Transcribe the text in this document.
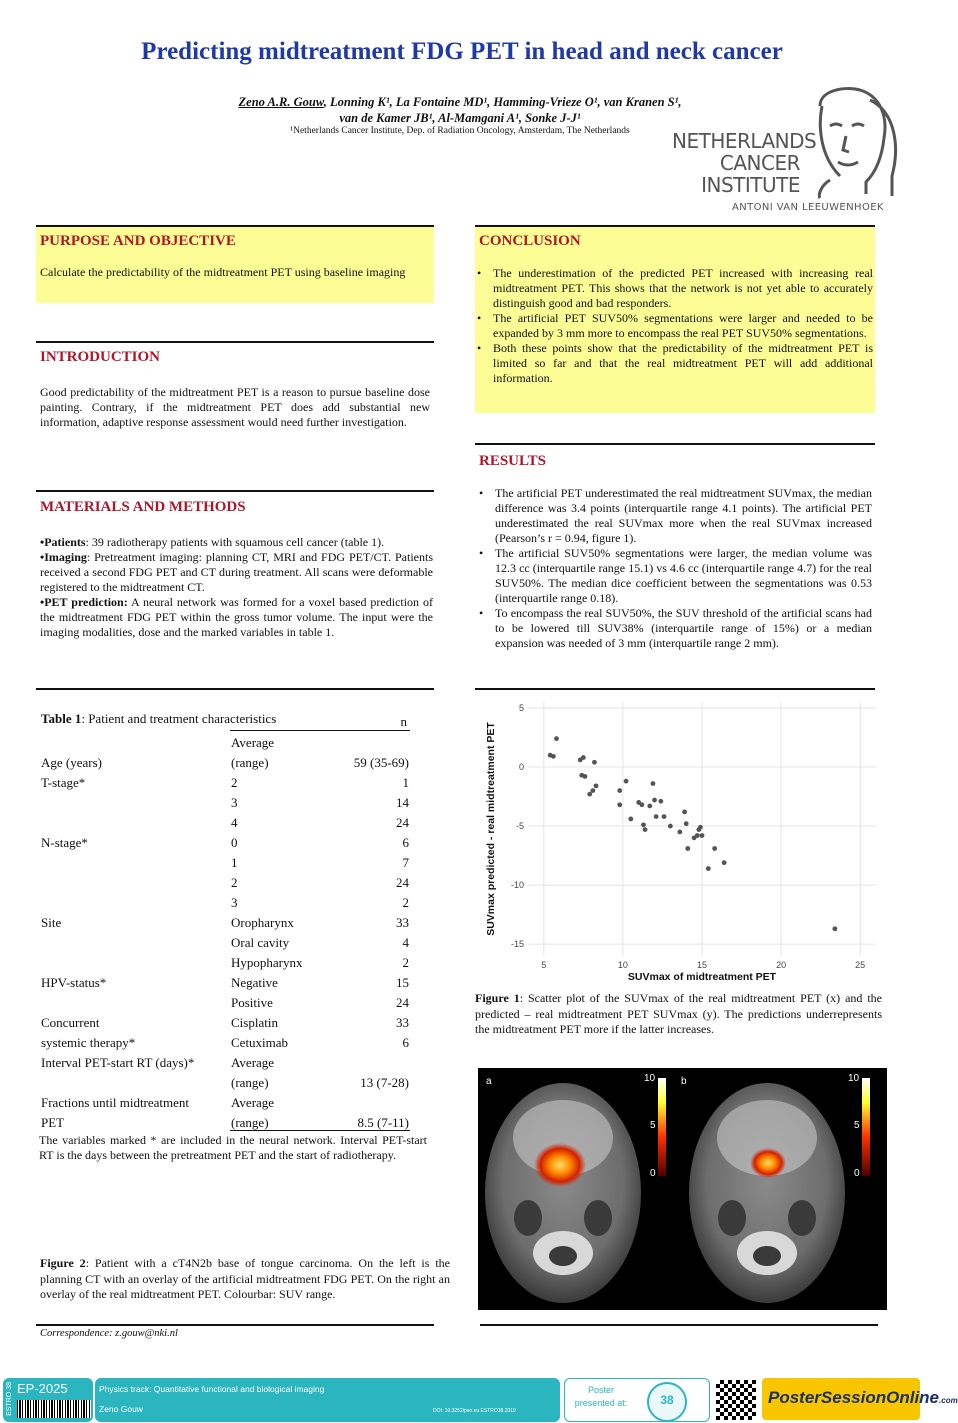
Predicting midtreatment FDG PET in head and neck cancer
Zeno A.R. Gouw, Lonning K¹, La Fontaine MD¹, Hamming-Vrieze O¹, van Kranen S¹,
van de Kamer JB¹, Al-Mamgani A¹, Sonke J-J¹
¹Netherlands Cancer Institute, Dep. of Radiation Oncology, Amsterdam, The Netherlands	NETHERLANDS
CANCER
INSTITUTE
ANTONI VAN LEEUWENHOEK
PURPOSE AND OBJECTIVE
Calculate the predictability of the midtreatment PET using baseline imaging
INTRODUCTION
Good predictability of the midtreatment PET is a reason to pursue baseline dose painting. Contrary, if the midtreatment PET does add substantial new information, adaptive response assessment would need further investigation.
MATERIALS AND METHODS
•Patients: 39 radiotherapy patients with squamous cell cancer (table 1).
•Imaging: Pretreatment imaging: planning CT, MRI and FDG PET/CT. Patients received a second FDG PET and CT during treatment. All scans were deformable registered to the midtreatment CT.
•PET prediction: A neural network was formed for a voxel based prediction of the midtreatment FDG PET within the gross tumor volume. The input were the imaging modalities, dose and the marked variables in table 1.
Table 1: Patient and treatment characteristics	n
	Average	
Age (years)	(range)	59 (35-69)
T-stage*	2	1
	3	14
	4	24
N-stage*	0	6
	1	7
	2	24
	3	2
Site	Oropharynx	33
	Oral cavity	4
	Hypopharynx	2
HPV-status*	Negative	15
	Positive	24
Concurrent	Cisplatin	33
systemic therapy*	Cetuximab	6
Interval PET-start RT (days)*	Average	
	(range)	13 (7-28)
Fractions until midtreatment	Average	
PET	(range)	8.5 (7-11)
The variables marked * are included in the neural network. Interval PET-start RT is the days between the pretreatment PET and the start of radiotherapy.
Figure 2: Patient with a cT4N2b base of tongue carcinoma. On the left is the planning CT with an overlay of the artificial midtreatment FDG PET. On the right an overlay of the real midtreatment PET. Colourbar: SUV range.
Correspondence: z.gouw@nki.nl
CONCLUSION
• The underestimation of the predicted PET increased with increasing real midtreatment PET. This shows that the network is not yet able to accurately distinguish good and bad responders.
• The artificial PET SUV50% segmentations were larger and needed to be expanded by 3 mm more to encompass the real PET SUV50% segmentations.
• Both these points show that the predictability of the midtreatment PET is limited so far and that the real midtreatment PET will add additional information.
RESULTS
• The artificial PET underestimated the real midtreatment SUVmax, the median difference was 3.4 points (interquartile range 4.1 points). The artificial PET underestimated the real SUVmax more when the real SUVmax increased (Pearson’s r = 0.94, figure 1).
• The artificial SUV50% segmentations were larger, the median volume was 12.3 cc (interquartile range 15.1) vs 4.6 cc (interquartile range 4.7) for the real SUV50%. The median dice coefficient between the segmentations was 0.53 (interquartile range 0.18).
• To encompass the real SUV50%, the SUV threshold of the artificial scans had to be lowered till SUV38% (interquartile range of 15%) or a median expansion was needed of 3 mm (interquartile range 2 mm).
5	10	15	20	25
5
0
-5
-10
-15
SUVmax of midtreatment PET
SUVmax predicted - real midtreatment PET
Figure 1: Scatter plot of the SUVmax of the real midtreatment PET (x) and the predicted – real midtreatment PET SUVmax (y). The predictions underrepresents the midtreatment PET more if the latter increases.
a	b
10
5
0
10
5
0
ESTRO 38 EP-2025	Physics track: Quantitative functional and biological imaging
Zeno Gouw	DOI: 10.3252/pso.eu.ESTRO38.2019
Poster
presented at:	38	PosterSessionOnline.com
